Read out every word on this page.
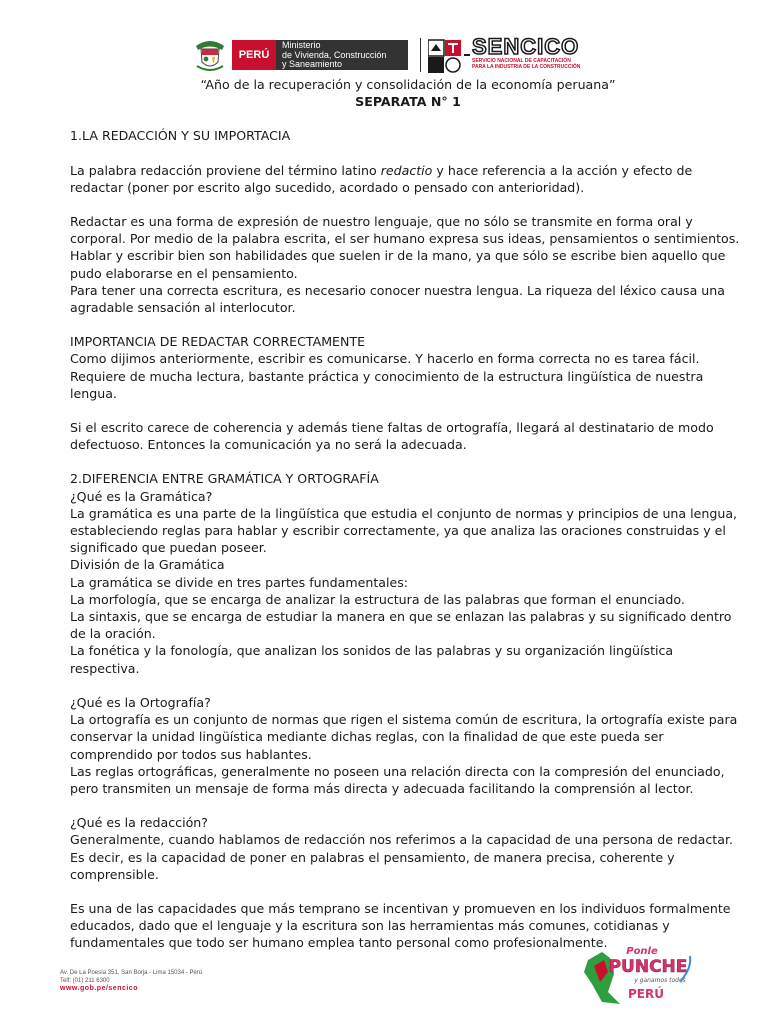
PERÚ
Ministerio
de Vivienda, Construcción
y Saneamiento
SENCICO
SERVICIO NACIONAL DE CAPACITACIÓN
PARA LA INDUSTRIA DE LA CONSTRUCCIÓN

“Año de la recuperación y consolidación de la economía peruana”

SEPARATA N° 1

1.LA REDACCIÓN Y SU IMPORTACIA

La palabra redacción proviene del término latino redactio y hace referencia a la acción y efecto de redactar (poner por escrito algo sucedido, acordado o pensado con anterioridad).

Redactar es una forma de expresión de nuestro lenguaje, que no sólo se transmite en forma oral y corporal. Por medio de la palabra escrita, el ser humano expresa sus ideas, pensamientos o sentimientos.

Hablar y escribir bien son habilidades que suelen ir de la mano, ya que sólo se escribe bien aquello que pudo elaborarse en el pensamiento.

Para tener una correcta escritura, es necesario conocer nuestra lengua. La riqueza del léxico causa una agradable sensación al interlocutor.

IMPORTANCIA DE REDACTAR CORRECTAMENTE

Como dijimos anteriormente, escribir es comunicarse. Y hacerlo en forma correcta no es tarea fácil. Requiere de mucha lectura, bastante práctica y conocimiento de la estructura lingüística de nuestra lengua.

Si el escrito carece de coherencia y además tiene faltas de ortografía, llegará al destinatario de modo defectuoso. Entonces la comunicación ya no será la adecuada.

2.DIFERENCIA ENTRE GRAMÁTICA Y ORTOGRAFÍA

¿Qué es la Gramática?

La gramática es una parte de la lingüística que estudia el conjunto de normas y principios de una lengua, estableciendo reglas para hablar y escribir correctamente, ya que analiza las oraciones construidas y el significado que puedan poseer.

División de la Gramática

La gramática se divide en tres partes fundamentales:

La morfología, que se encarga de analizar la estructura de las palabras que forman el enunciado.

La sintaxis, que se encarga de estudiar la manera en que se enlazan las palabras y su significado dentro de la oración.

La fonética y la fonología, que analizan los sonidos de las palabras y su organización lingüística respectiva.

¿Qué es la Ortografía?

La ortografía es un conjunto de normas que rigen el sistema común de escritura, la ortografía existe para conservar la unidad lingüística mediante dichas reglas, con la finalidad de que este pueda ser comprendido por todos sus hablantes.

Las reglas ortográficas, generalmente no poseen una relación directa con la compresión del enunciado, pero transmiten un mensaje de forma más directa y adecuada facilitando la comprensión al lector.

¿Qué es la redacción?

Generalmente, cuando hablamos de redacción nos referimos a la capacidad de una persona de redactar. Es decir, es la capacidad de poner en palabras el pensamiento, de manera precisa, coherente y comprensible.

Es una de las capacidades que más temprano se incentivan y promueven en los individuos formalmente educados, dado que el lenguaje y la escritura son las herramientas más comunes, cotidianas y fundamentales que todo ser humano emplea tanto personal como profesionalmente.

Av. De La Poesía 351, San Borja - Lima 15034 - Perú
Telf: (01) 211 6300
www.gob.pe/sencico
Ponle
PUNCHE
y ganamos todos
PERÚ
